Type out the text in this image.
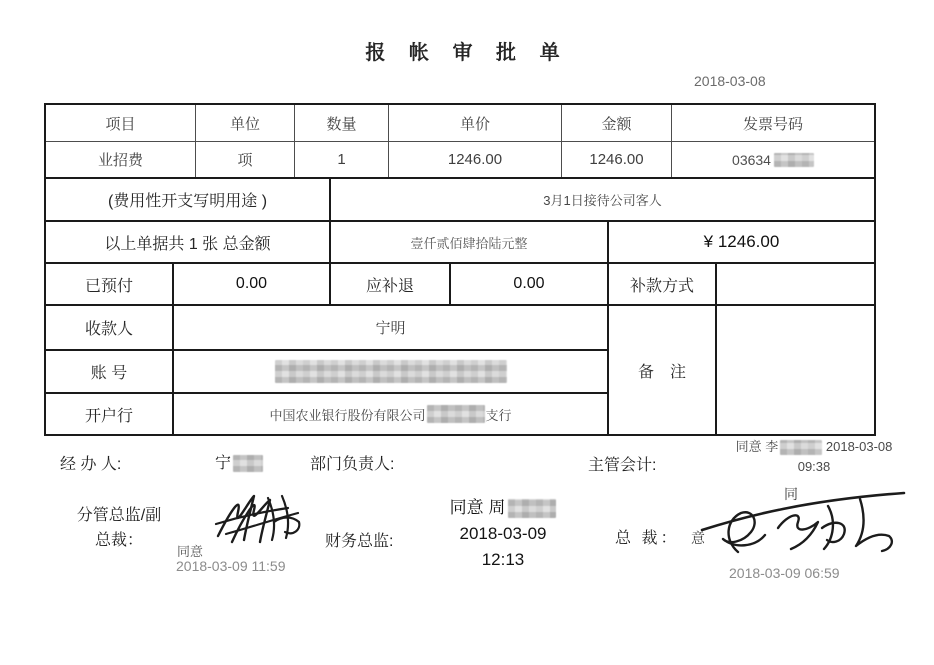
报 帐 审 批 单
2018-03-08
项目	单位	数量	单价	金额	发票号码
业招费	项	1	1246.00	1246.00	03634
(费用性开支写明用途 )	3月1日接待公司客人
以上单据共 1 张 总金额	壹仟贰佰肆拾陆元整	¥ 1246.00
已预付	0.00	应补退	0.00	补款方式
收款人	宁明
账 号
开户行	中国农业银行股份有限公司	支行
备　注
经 办 人:	宁	部门负责人:	主管会计:
同意 李	2018-03-08
09:38
分管总监/副
总裁：
同意
2018-03-09 11:59
财务总监:
同意 周
2018-03-09
12:13
总 裁：
同
意
2018-03-09 06:59
